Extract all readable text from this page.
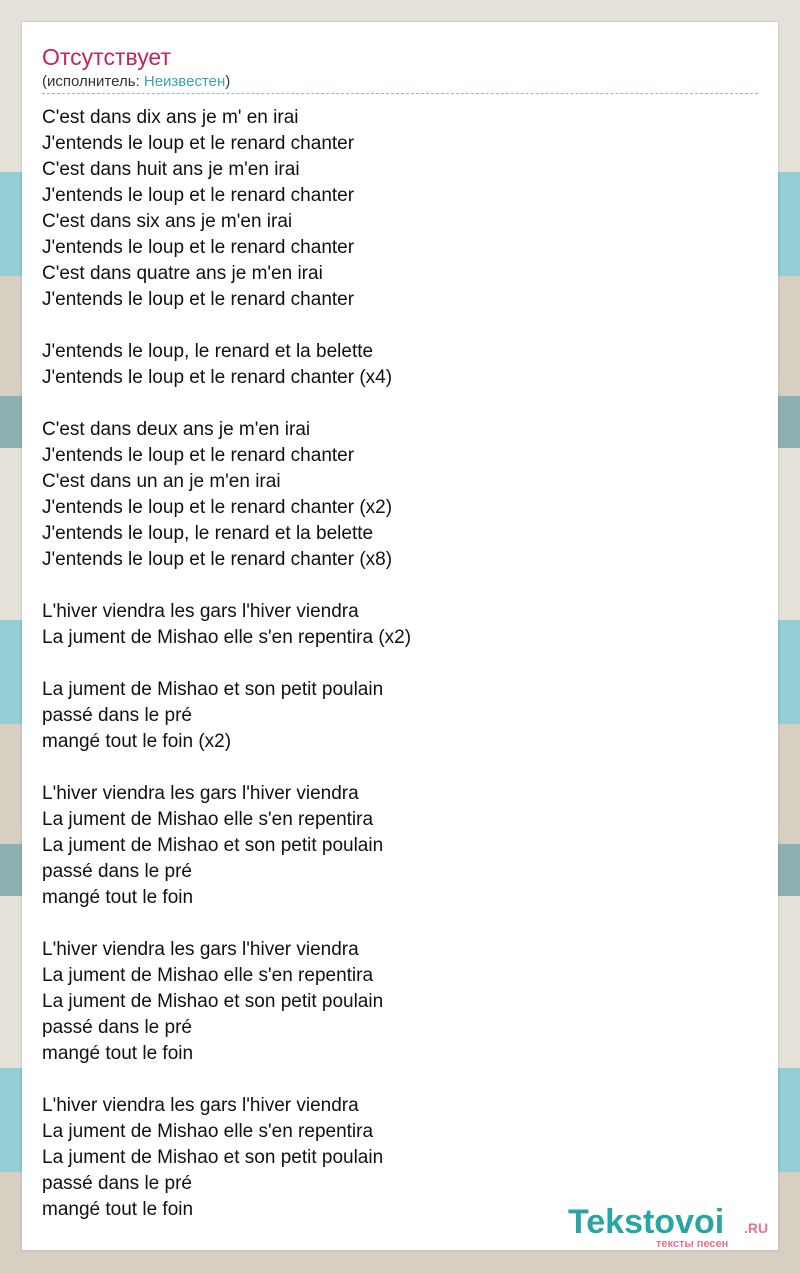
Отсутствует
(исполнитель: Неизвестен)
C'est dans dix ans je m' en irai
J'entends le loup et le renard chanter
C'est dans huit ans je m'en irai
J'entends le loup et le renard chanter
C'est dans six ans je m'en irai
J'entends le loup et le renard chanter
C'est dans quatre ans je m'en irai
J'entends le loup et le renard chanter
J'entends le loup, le renard et la belette
J'entends le loup et le renard chanter (x4)
C'est dans deux ans je m'en irai
J'entends le loup et le renard chanter
C'est dans un an je m'en irai
J'entends le loup et le renard chanter (x2)
J'entends le loup, le renard et la belette
J'entends le loup et le renard chanter (x8)
L'hiver viendra les gars l'hiver viendra
La jument de Mishao elle s'en repentira (x2)
La jument de Mishao et son petit poulain
passé dans le pré
mangé tout le foin (x2)
L'hiver viendra les gars l'hiver viendra
La jument de Mishao elle s'en repentira
La jument de Mishao et son petit poulain
passé dans le pré
mangé tout le foin
L'hiver viendra les gars l'hiver viendra
La jument de Mishao elle s'en repentira
La jument de Mishao et son petit poulain
passé dans le pré
mangé tout le foin
L'hiver viendra les gars l'hiver viendra
La jument de Mishao elle s'en repentira
La jument de Mishao et son petit poulain
passé dans le pré
mangé tout le foin	Tekstovoi .RU
тексты песен
